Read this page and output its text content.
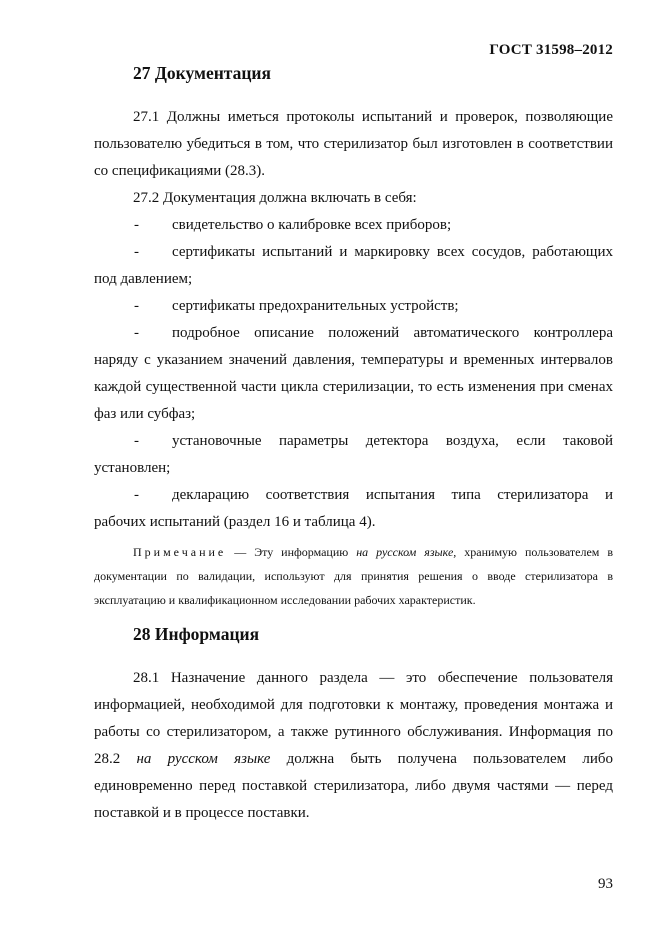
ГОСТ 31598–2012
27 Документация
27.1 Должны иметься протоколы испытаний и проверок, позволяющие пользователю убедиться в том, что стерилизатор был изготовлен в соответствии со спецификациями (28.3).
27.2 Документация должна включать в себя:
- свидетельство о калибровке всех приборов;
- сертификаты испытаний и маркировку всех сосудов, работающих
под давлением;
- сертификаты предохранительных устройств;
- подробное описание положений автоматического контроллера
наряду с указанием значений давления, температуры и временных интервалов каждой существенной части цикла стерилизации, то есть изменения при сменах фаз или субфаз;
- установочные параметры детектора воздуха, если таковой
установлен;
- декларацию соответствия испытания типа стерилизатора и
рабочих испытаний (раздел 16 и таблица 4).
Примечание — Эту информацию на русском языке, хранимую пользователем в документации по валидации, используют для принятия решения о вводе стерилизатора в эксплуатацию и квалификационном исследовании рабочих характеристик.
28 Информация
28.1 Назначение данного раздела — это обеспечение пользователя информацией, необходимой для подготовки к монтажу, проведения монтажа и работы со стерилизатором, а также рутинного обслуживания. Информация по 28.2 на русском языке должна быть получена пользователем либо единовременно перед поставкой стерилизатора, либо двумя частями — перед поставкой и в процессе поставки.
93
